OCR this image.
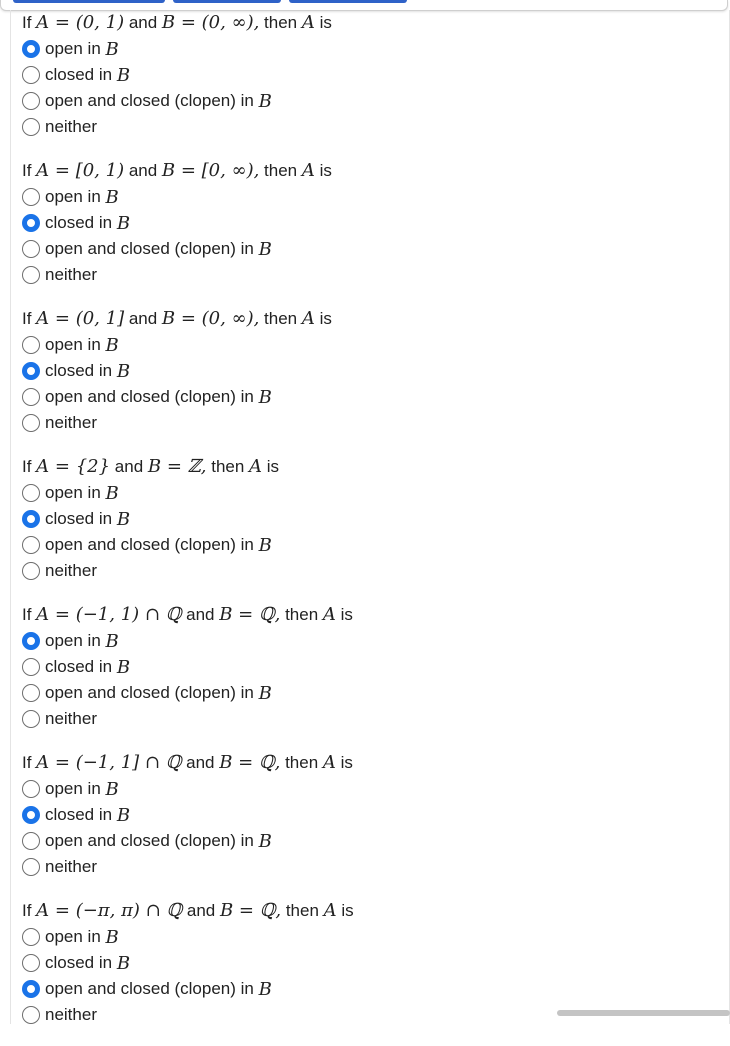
If A = (0, 1) and B = (0, ∞), then A is
open in
B
closed in
B
open and closed (clopen) in
B
neither
If A = [0, 1) and B = [0, ∞), then A is
open in
B
closed in
B
open and closed (clopen) in
B
neither
If A = (0, 1] and B = (0, ∞), then A is
open in
B
closed in
B
open and closed (clopen) in
B
neither
If A = {2} and B = ℤ, then A is
open in
B
closed in
B
open and closed (clopen) in
B
neither
If A = (−1, 1) ∩ ℚ and B = ℚ, then A is
open in
B
closed in
B
open and closed (clopen) in
B
neither
If A = (−1, 1] ∩ ℚ and B = ℚ, then A is
open in
B
closed in
B
open and closed (clopen) in
B
neither
If A = (−π, π) ∩ ℚ and B = ℚ, then A is
open in
B
closed in
B
open and closed (clopen) in
B
neither
